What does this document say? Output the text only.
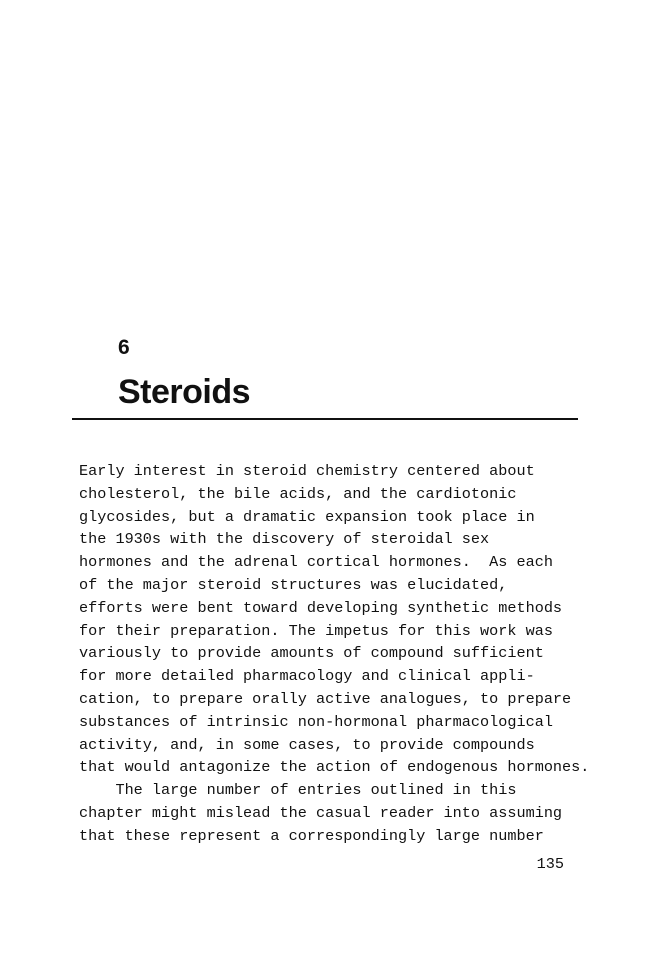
6
Steroids
Early interest in steroid chemistry centered about
cholesterol, the bile acids, and the cardiotonic
glycosides, but a dramatic expansion took place in
the 1930s with the discovery of steroidal sex
hormones and the adrenal cortical hormones.  As each
of the major steroid structures was elucidated,
efforts were bent toward developing synthetic methods
for their preparation. The impetus for this work was
variously to provide amounts of compound sufficient
for more detailed pharmacology and clinical appli-
cation, to prepare orally active analogues, to prepare
substances of intrinsic non-hormonal pharmacological
activity, and, in some cases, to provide compounds
that would antagonize the action of endogenous hormones.
The large number of entries outlined in this
chapter might mislead the casual reader into assuming
that these represent a correspondingly large number
135
